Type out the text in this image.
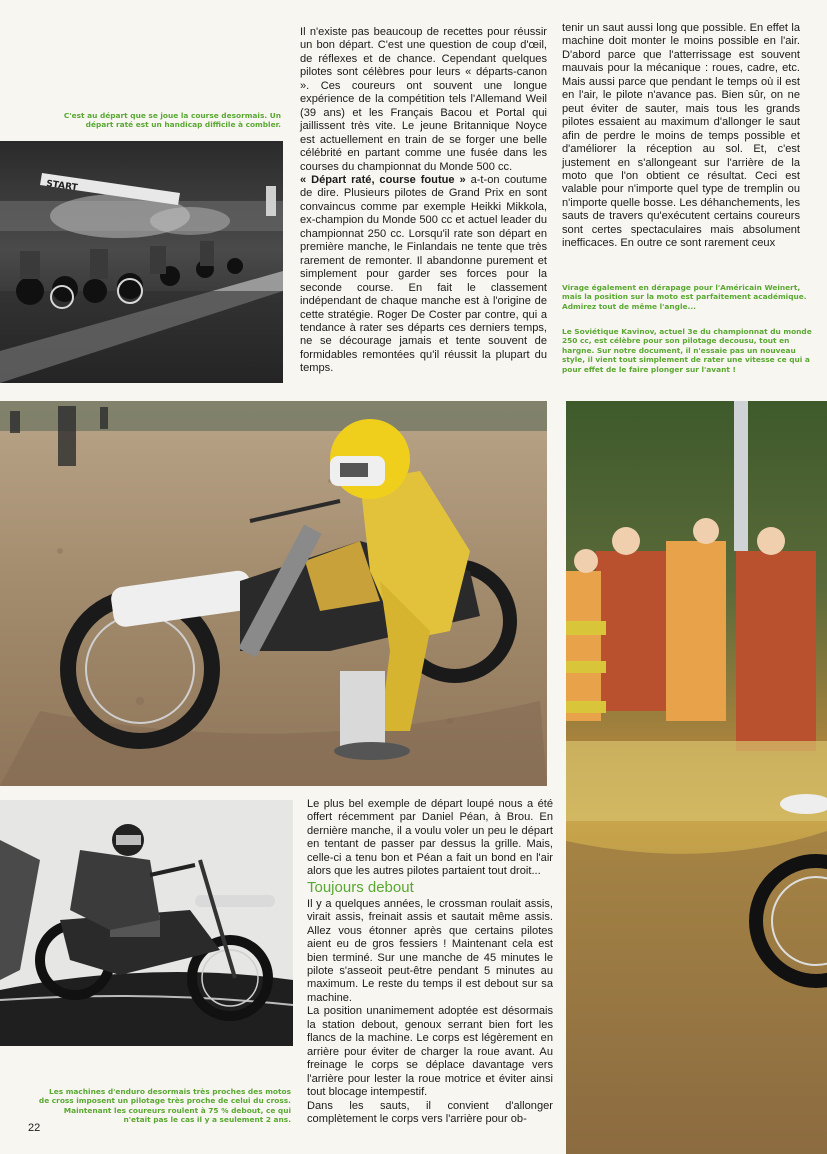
C'est au départ que se joue la course desormais. Un départ raté est un handicap difficile à combler.

START

Il n'existe pas beaucoup de recettes pour réussir un bon départ. C'est une question de coup d'œil, de réflexes et de chance. Cependant quelques pilotes sont célèbres pour leurs « départs-canon ». Ces coureurs ont souvent une longue expérience de la compétition tels l'Allemand Weil (39 ans) et les Français Bacou et Portal qui jaillissent très vite. Le jeune Britannique Noyce est actuellement en train de se forger une belle célébrité en partant comme une fusée dans les courses du championnat du Monde 500 cc.

« Départ raté, course foutue » a-t-on coutume de dire. Plusieurs pilotes de Grand Prix en sont convaincus comme par exemple Heikki Mikkola, ex-champion du Monde 500 cc et actuel leader du championnat 250 cc. Lorsqu'il rate son départ en première manche, le Finlandais ne tente que très rarement de remonter. Il abandonne purement et simplement pour garder ses forces pour la seconde course. En fait le classement indépendant de chaque manche est à l'origine de cette stratégie. Roger De Coster par contre, qui a tendance à rater ses départs ces derniers temps, ne se décourage jamais et tente souvent de formidables remontées qu'il réussit la plupart du temps.

tenir un saut aussi long que possible. En effet la machine doit monter le moins possible en l'air. D'abord parce que l'atterrissage est souvent mauvais pour la mécanique : roues, cadre, etc. Mais aussi parce que pendant le temps où il est en l'air, le pilote n'avance pas. Bien sûr, on ne peut éviter de sauter, mais tous les grands pilotes essaient au maximum d'allonger le saut afin de perdre le moins de temps possible et d'améliorer la réception au sol. Et, c'est justement en s'allongeant sur l'arrière de la moto que l'on obtient ce résultat. Ceci est valable pour n'importe quel type de tremplin ou n'importe quelle bosse. Les déhanchements, les sauts de travers qu'exécutent certains coureurs sont certes spectaculaires mais absolument inefficaces. En outre ce sont rarement ceux

Virage également en dérapage pour l'Américain Weinert, mais la position sur la moto est parfaitement académique. Admirez tout de même l'angle...

Le Soviétique Kavinov, actuel 3e du championnat du monde 250 cc, est célèbre pour son pilotage decousu, tout en hargne. Sur notre document, il n'essaie pas un nouveau style, il vient tout simplement de rater une vitesse ce qui a pour effet de le faire plonger sur l'avant !

Les machines d'enduro desormais très proches des motos de cross imposent un pilotage très proche de celui du cross. Maintenant les coureurs roulent à 75 % debout, ce qui n'etait pas le cas il y a seulement 2 ans.

Le plus bel exemple de départ loupé nous a été offert récemment par Daniel Péan, à Brou. En dernière manche, il a voulu voler un peu le départ en tentant de passer par dessus la grille. Mais, celle-ci a tenu bon et Péan a fait un bond en l'air alors que les autres pilotes partaient tout droit...

Toujours debout

Il y a quelques années, le crossman roulait assis, virait assis, freinait assis et sautait même assis. Allez vous étonner après que certains pilotes aient eu de gros fessiers ! Maintenant cela est bien terminé. Sur une manche de 45 minutes le pilote s'asseoit peut-être pendant 5 minutes au maximum. Le reste du temps il est debout sur sa machine.

La position unanimement adoptée est désormais la station debout, genoux serrant bien fort les flancs de la machine. Le corps est légèrement en arrière pour éviter de charger la roue avant. Au freinage le corps se déplace davantage vers l'arrière pour lester la roue motrice et éviter ainsi tout blocage intempestif.

Dans les sauts, il convient d'allonger complètement le corps vers l'arrière pour ob-

22
